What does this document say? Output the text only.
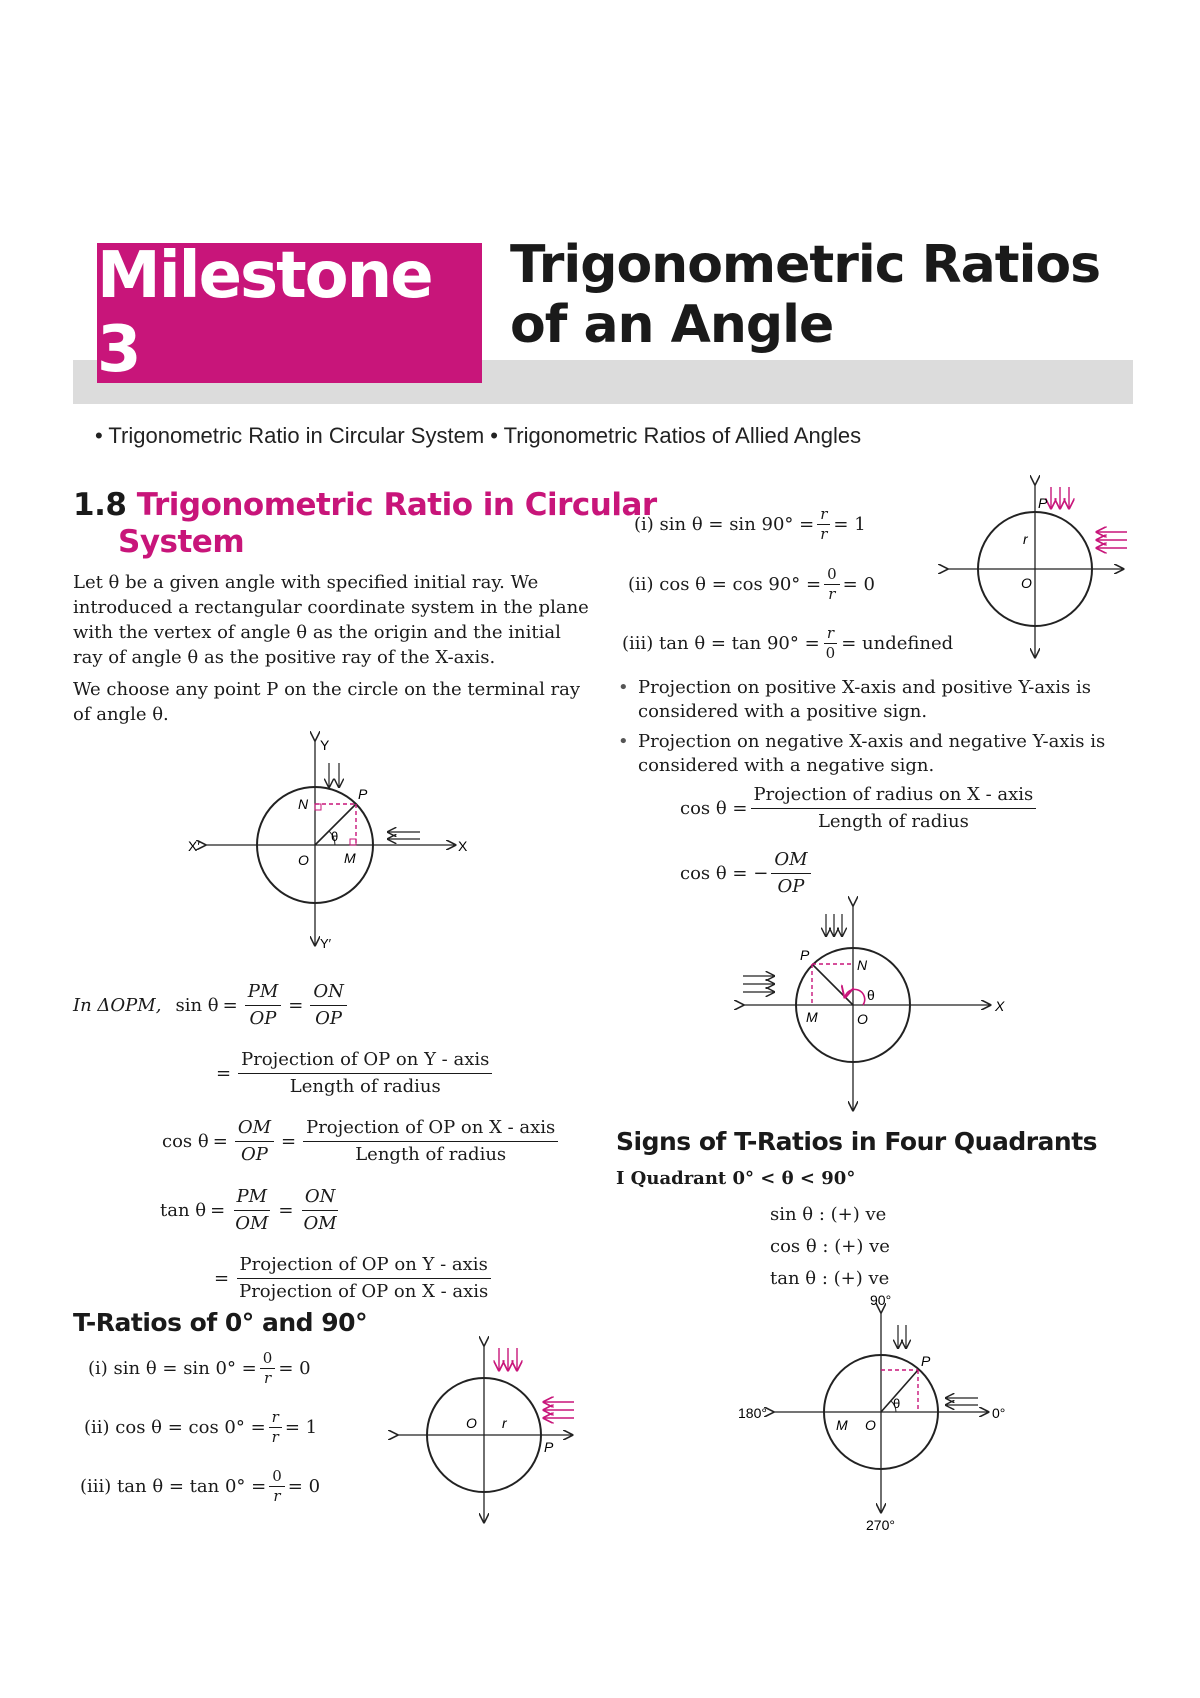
Milestone 3
Trigonometric Ratios
of an Angle
• Trigonometric Ratio in Circular System • Trigonometric Ratios of Allied Angles
1.8 Trigonometric Ratio in Circular
System
Let θ be a given angle with specified initial ray. We introduced a rectangular coordinate system in the plane with the vertex of angle θ as the origin and the initial ray of angle θ as the positive ray of the X-axis.
We choose any point P on the circle on the terminal ray of angle θ.
Y
X
X′
Y′
N
P
O	M
θ
In ΔOPM, $\sin \theta = \frac{PM}{OP} = \frac{ON}{OP}$
= $\frac{\text{Projection of OP on Y - axis}}{\text{Length of radius}}$
$\cos \theta = \frac{OM}{OP} = \frac{\text{Projection of OP on X - axis}}{\text{Length of radius}}$
$\tan \theta = \frac{PM}{OM} = \frac{ON}{OM}$
= $\frac{\text{Projection of OP on Y - axis}}{\text{Projection of OP on X - axis}}$
T-Ratios of 0° and 90°
(i) $\sin \theta = \sin 0^\circ = \frac{0}{r} = 0$
(ii) $\cos \theta = \cos 0^\circ = \frac{r}{r} = 1$
(iii) $\tan \theta = \tan 0^\circ = \frac{0}{r} = 0$
O r
P
(i) $\sin \theta = \sin 90^\circ = \frac{r}{r} = 1$
(ii) $\cos \theta = \cos 90^\circ = \frac{0}{r} = 0$
(iii) $\tan \theta = \tan 90^\circ = \frac{r}{0}$ = undefined
P
r
O
• Projection on positive X-axis and positive Y-axis is considered with a positive sign.
• Projection on negative X-axis and negative Y-axis is considered with a negative sign.
$\cos \theta = \frac{\text{Projection of radius on X - axis}}{\text{Length of radius}}$
cos θ = − $\frac{OM}{OP}$
P
N
M	O
θ
X
Signs of T-Ratios in Four Quadrants
I Quadrant 0° < θ < 90°
sin θ : (+) ve
cos θ : (+) ve
tan θ : (+) ve
90°
180°	0°
270°
P
M O
θ
